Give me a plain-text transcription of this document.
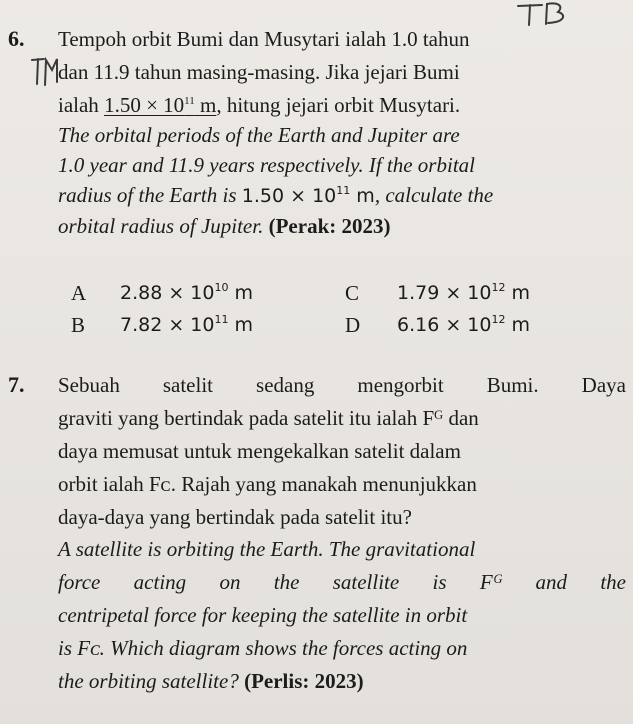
6. Tempoh orbit Bumi dan Musytari ialah 1.0 tahun
dan 11.9 tahun masing-masing. Jika jejari Bumi
ialah $1.50 \times 10^{11}$ m, hitung jejari orbit Musytari.
The orbital periods of the Earth and Jupiter are
1.0 year and 11.9 years respectively. If the orbital
radius of the Earth is $1.50 \times 10^{11}$ m, calculate the
orbital radius of Jupiter. (Perak: 2023)
A $2.88 \times 10^{10}$ m
B $7.82 \times 10^{11}$ m
C $1.79 \times 10^{12}$ m
D $6.16 \times 10^{12}$ m
7. Sebuah satelit sedang mengorbit Bumi. Daya
graviti yang bertindak pada satelit itu ialah Fᴳ dan
daya memusat untuk mengekalkan satelit dalam
orbit ialah Fᴄ. Rajah yang manakah menunjukkan
daya-daya yang bertindak pada satelit itu?
A satellite is orbiting the Earth. The gravitational
force acting on the satellite is Fᴳ and the
centripetal force for keeping the satellite in orbit
is Fᴄ. Which diagram shows the forces acting on
the orbiting satellite? (Perlis: 2023)
